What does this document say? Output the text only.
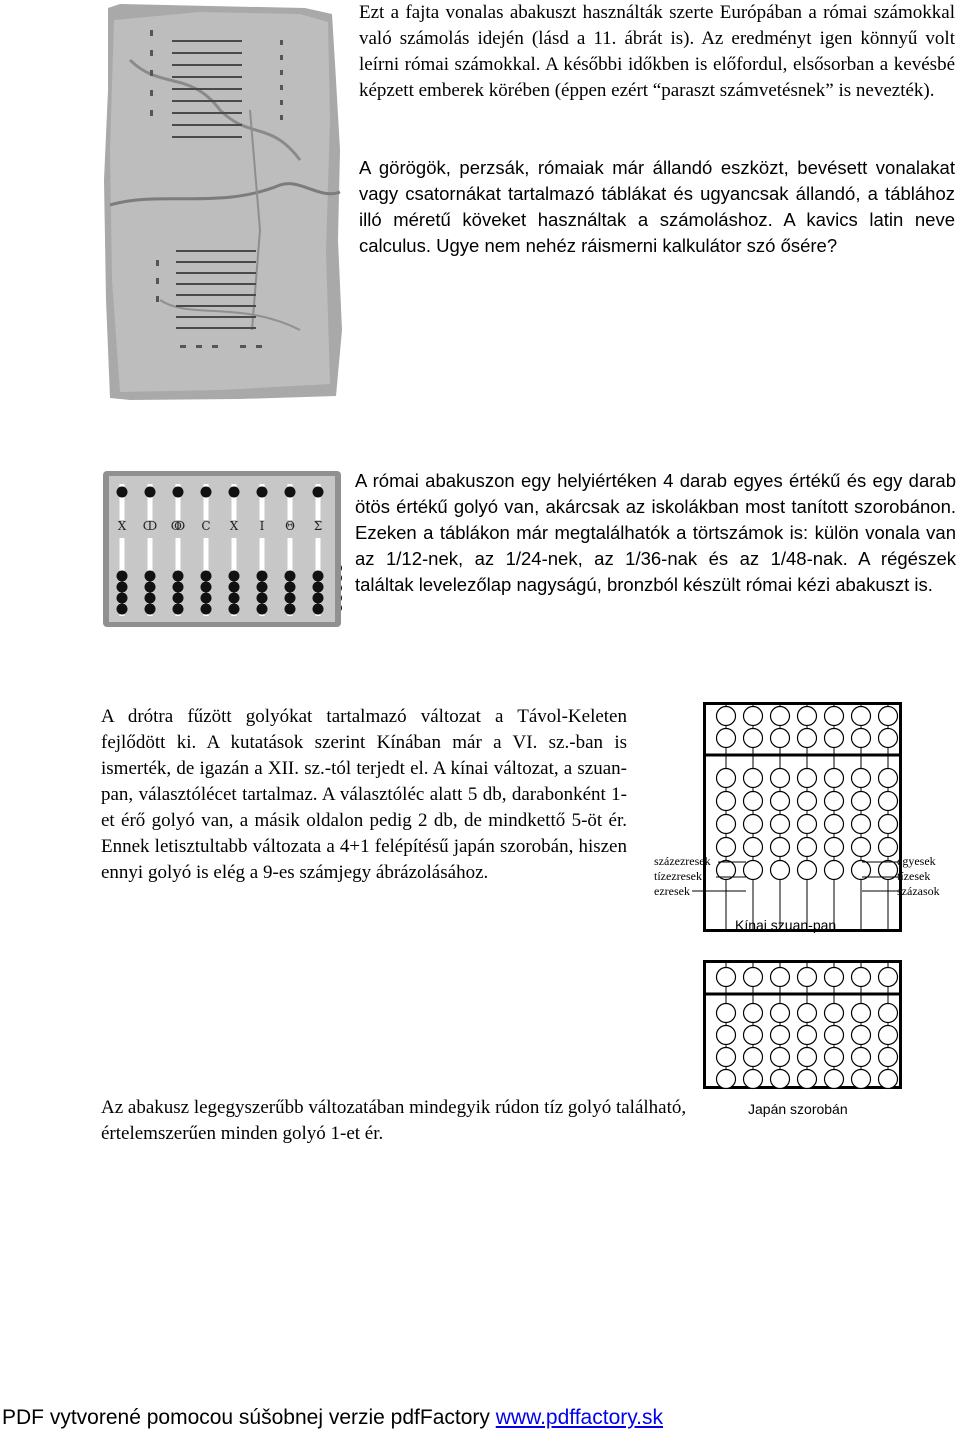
Ezt a fajta vonalas abakuszt használták szerte Európában a római számokkal való számolás idején (lásd a 11. ábrát is). Az eredményt igen könnyű volt leírni római számokkal. A későbbi időkben is előfordul, elsősorban a kevésbé képzett emberek körében (éppen ezért “paraszt számvetésnek” is nevezték).

A görögök, perzsák, rómaiak már állandó eszközt, bevésett vonalakat vagy csatornákat tartalmazó táblákat és ugyancsak állandó, a táblához illó méretű köveket használtak a számoláshoz. A kavics latin neve calculus. Ugye nem nehéz ráismerni kalkulátor szó ősére?

Ⅹ ↀ ↂ C X I Θ Σ

A római abakuszon egy helyiértéken 4 darab egyes értékű és egy darab ötös értékű golyó van, akárcsak az iskolákban most tanított szorobánon. Ezeken a táblákon már megtalálhatók a törtszámok is: külön vonala van az 1/12-nek, az 1/24-nek, az 1/36-nak és az 1/48-nak. A régészek találtak levelezőlap nagyságú, bronzból készült római kézi abakuszt is.

A drótra fűzött golyókat tartalmazó változat a Távol-Keleten fejlődött ki. A kutatások szerint Kínában már a VI. sz.-ban is ismerték, de igazán a XII. sz.-tól terjedt el. A kínai változat, a szuan-pan, választólécet tartalmaz. A választóléc alatt 5 db, darabonként 1-et érő golyó van, a másik oldalon pedig 2 db, de mindkettő 5-öt ér. Ennek letisztultabb változata a 4+1 felépítésű japán szorobán, hiszen ennyi golyó is elég a 9-es számjegy ábrázolásához.

százezresek
tízezresek
ezresek
egyesek
tízesek
százasok
Kínai szuan-pan
Japán szorobán

Az abakusz legegyszerűbb változatában mindegyik rúdon tíz golyó található, értelemszerűen minden golyó 1-et ér.

PDF vytvorené pomocou súšobnej verzie pdfFactory www.pdffactory.sk
